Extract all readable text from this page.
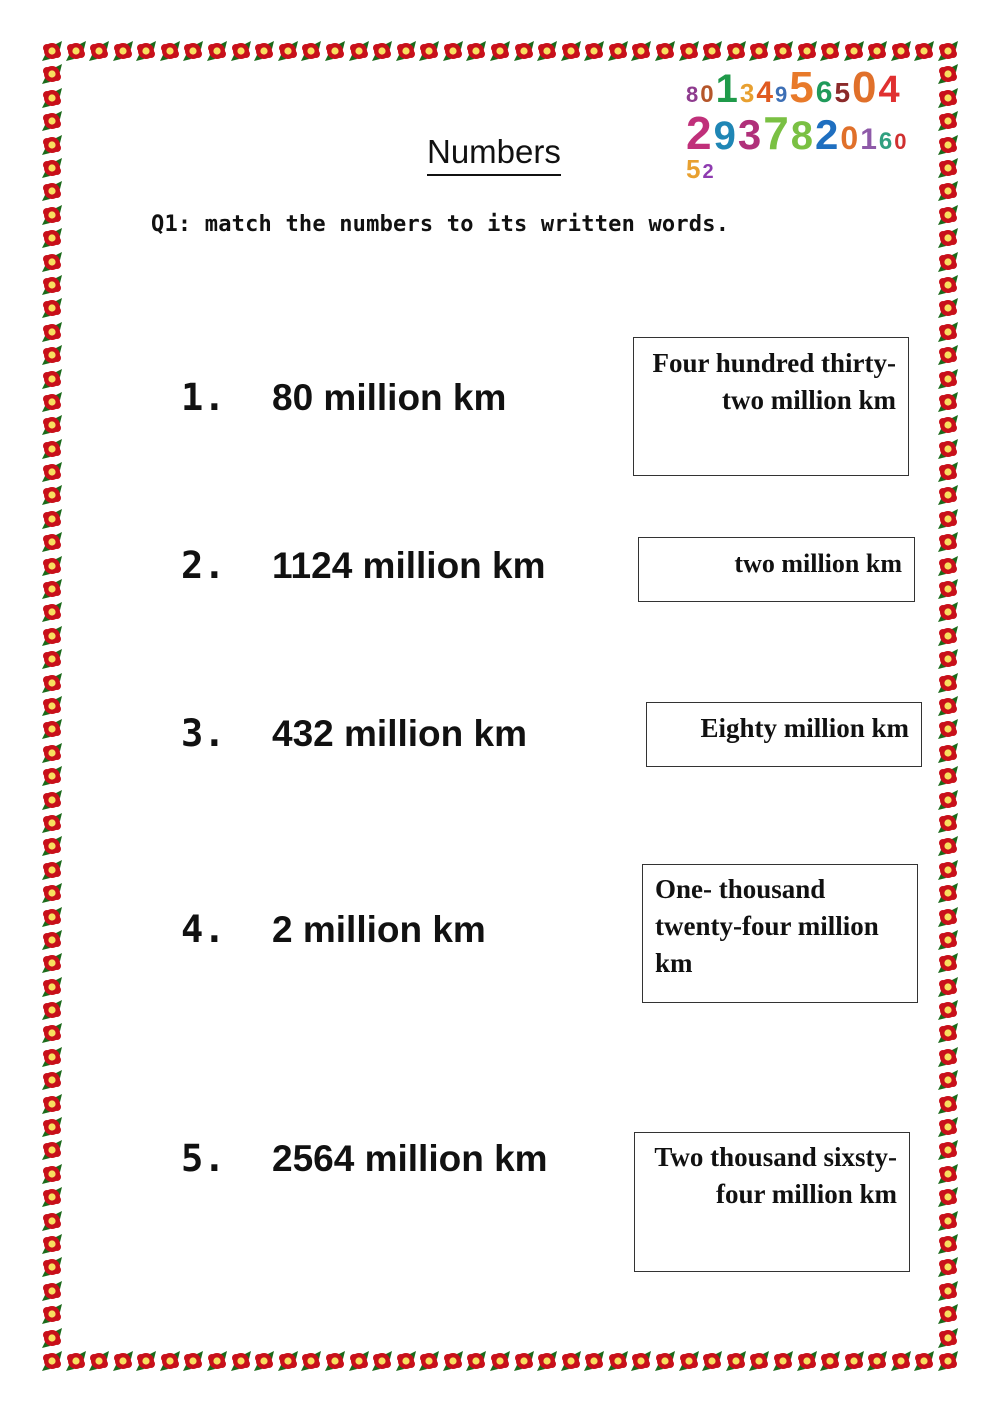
8 0 1 3 4 9 5 6 5 0 4
2 9 3 7 8 2 0 1 6 0
5 2
Numbers
Q1: match the numbers to its written words.
1. 80 million km
2. 1124 million km
3. 432 million km
4. 2 million km
5. 2564 million km
Four hundred thirty-two million km
two million km
Eighty million km
One- thousand twenty-four million km
Two thousand sixsty-four million km
